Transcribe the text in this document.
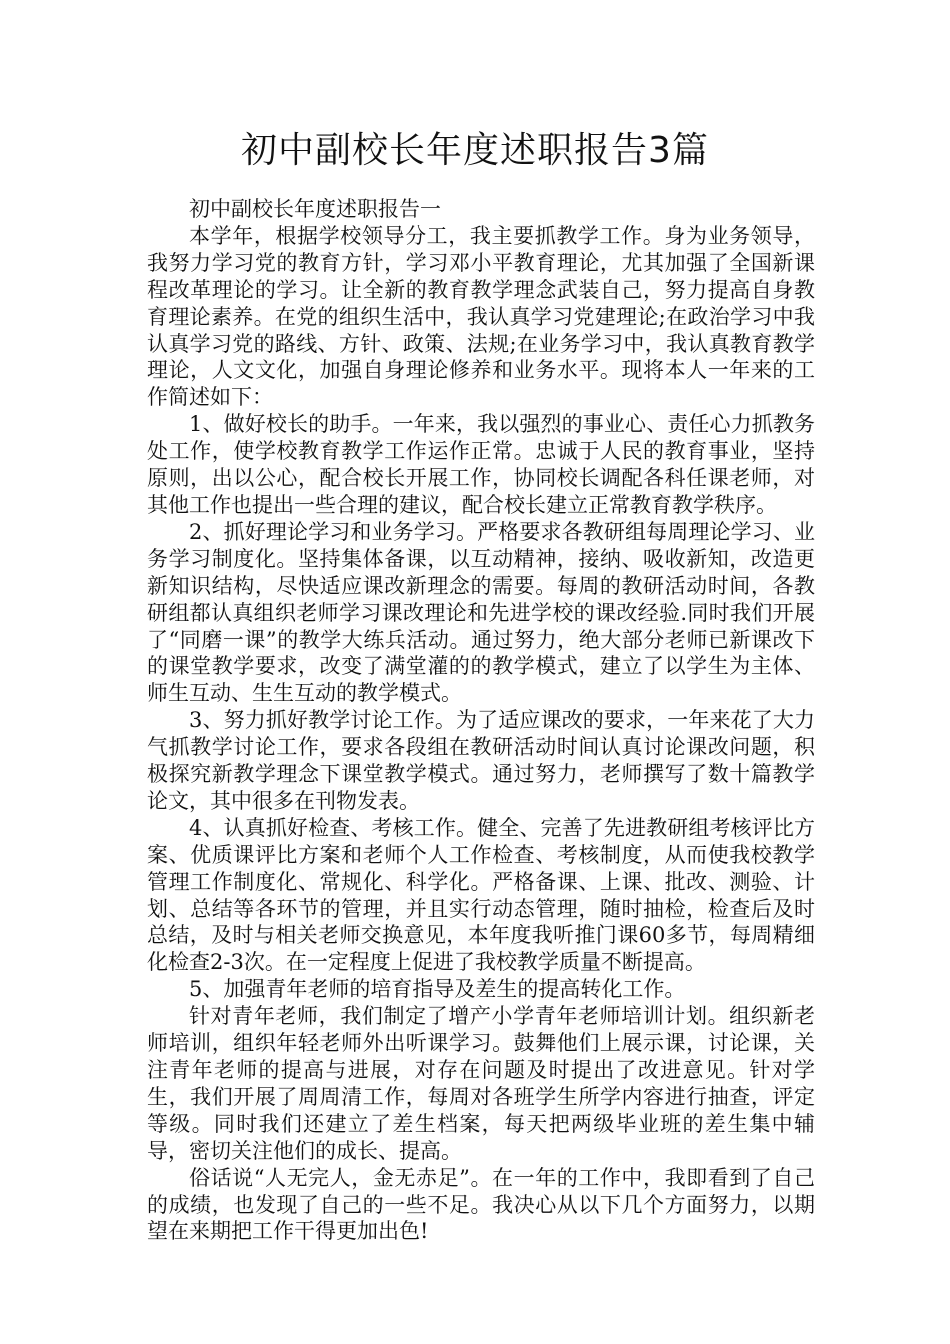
初中副校长年度述职报告3篇

初中副校长年度述职报告一

本学年，根据学校领导分工，我主要抓教学工作。身为业务领导，我努力学习党的教育方针，学习邓小平教育理论，尤其加强了全国新课程改革理论的学习。让全新的教育教学理念武装自己，努力提高自身教育理论素养。在党的组织生活中，我认真学习党建理论;在政治学习中我认真学习党的路线、方针、政策、法规;在业务学习中，我认真教育教学理论，人文文化，加强自身理论修养和业务水平。现将本人一年来的工作简述如下：

1、做好校长的助手。一年来，我以强烈的事业心、责任心力抓教务处工作，使学校教育教学工作运作正常。忠诚于人民的教育事业，坚持原则，出以公心，配合校长开展工作，协同校长调配各科任课老师，对其他工作也提出一些合理的建议，配合校长建立正常教育教学秩序。

2、抓好理论学习和业务学习。严格要求各教研组每周理论学习、业务学习制度化。坚持集体备课，以互动精神，接纳、吸收新知，改造更新知识结构，尽快适应课改新理念的需要。每周的教研活动时间，各教研组都认真组织老师学习课改理论和先进学校的课改经验.同时我们开展了“同磨一课”的教学大练兵活动。通过努力，绝大部分老师已新课改下的课堂教学要求，改变了满堂灌的的教学模式，建立了以学生为主体、师生互动、生生互动的教学模式。

3、努力抓好教学讨论工作。为了适应课改的要求，一年来花了大力气抓教学讨论工作，要求各段组在教研活动时间认真讨论课改问题，积极探究新教学理念下课堂教学模式。通过努力，老师撰写了数十篇教学论文，其中很多在刊物发表。

4、认真抓好检查、考核工作。健全、完善了先进教研组考核评比方案、优质课评比方案和老师个人工作检查、考核制度，从而使我校教学管理工作制度化、常规化、科学化。严格备课、上课、批改、测验、计划、总结等各环节的管理，并且实行动态管理，随时抽检，检查后及时总结，及时与相关老师交换意见，本年度我听推门课60多节，每周精细化检查2-3次。在一定程度上促进了我校教学质量不断提高。

5、加强青年老师的培育指导及差生的提高转化工作。

针对青年老师，我们制定了增产小学青年老师培训计划。组织新老师培训，组织年轻老师外出听课学习。鼓舞他们上展示课，讨论课，关注青年老师的提高与进展，对存在问题及时提出了改进意见。针对学生，我们开展了周周清工作，每周对各班学生所学内容进行抽查，评定等级。同时我们还建立了差生档案，每天把两级毕业班的差生集中辅导，密切关注他们的成长、提高。

俗话说“人无完人，金无赤足”。在一年的工作中，我即看到了自己的成绩，也发现了自己的一些不足。我决心从以下几个方面努力，以期望在来期把工作干得更加出色!
